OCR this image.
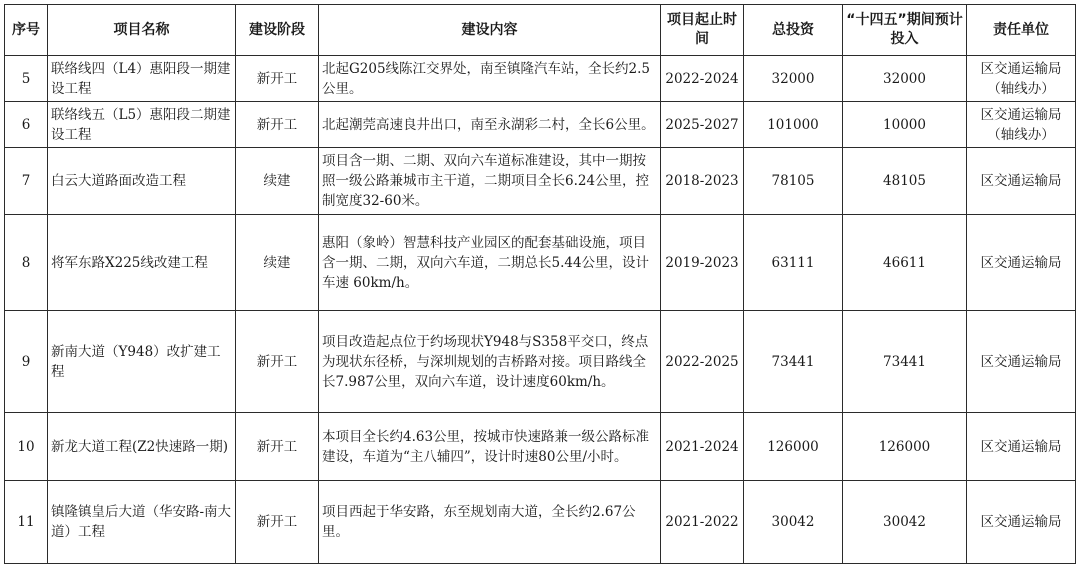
序号	项目名称	建设阶段	建设内容	项目起止时间	总投资	“十四五”期间预计投入	责任单位
5	联络线四（L4）惠阳段一期建设工程	新开工	北起G205线陈江交界处，南至镇隆汽车站，全长约2.5公里。	2022-2024	32000	32000	区交通运输局（轴线办）
6	联络线五（L5）惠阳段二期建设工程	新开工	北起潮莞高速良井出口，南至永湖彩二村，全长6公里。	2025-2027	101000	10000	区交通运输局（轴线办）
7	白云大道路面改造工程	续建	项目含一期、二期、双向六车道标准建设，其中一期按照一级公路兼城市主干道，二期项目全长6.24公里，控制宽度32-60米。	2018-2023	78105	48105	区交通运输局
8	将军东路X225线改建工程	续建	惠阳（象岭）智慧科技产业园区的配套基础设施，项目含一期、二期，双向六车道，二期总长5.44公里，设计车速 60km/h。	2019-2023	63111	46611	区交通运输局
9	新南大道（Y948）改扩建工程	新开工	项目改造起点位于约场现状Y948与S358平交口，终点为现状东径桥，与深圳规划的吉桥路对接。项目路线全长7.987公里，双向六车道，设计速度60km/h。	2022-2025	73441	73441	区交通运输局
10	新龙大道工程(Z2快速路一期)	新开工	本项目全长约4.63公里，按城市快速路兼一级公路标准建设，车道为“主八辅四”，设计时速80公里/小时。	2021-2024	126000	126000	区交通运输局
11	镇隆镇皇后大道（华安路-南大道）工程	新开工	项目西起于华安路，东至规划南大道，全长约2.67公里。	2021-2022	30042	30042	区交通运输局
